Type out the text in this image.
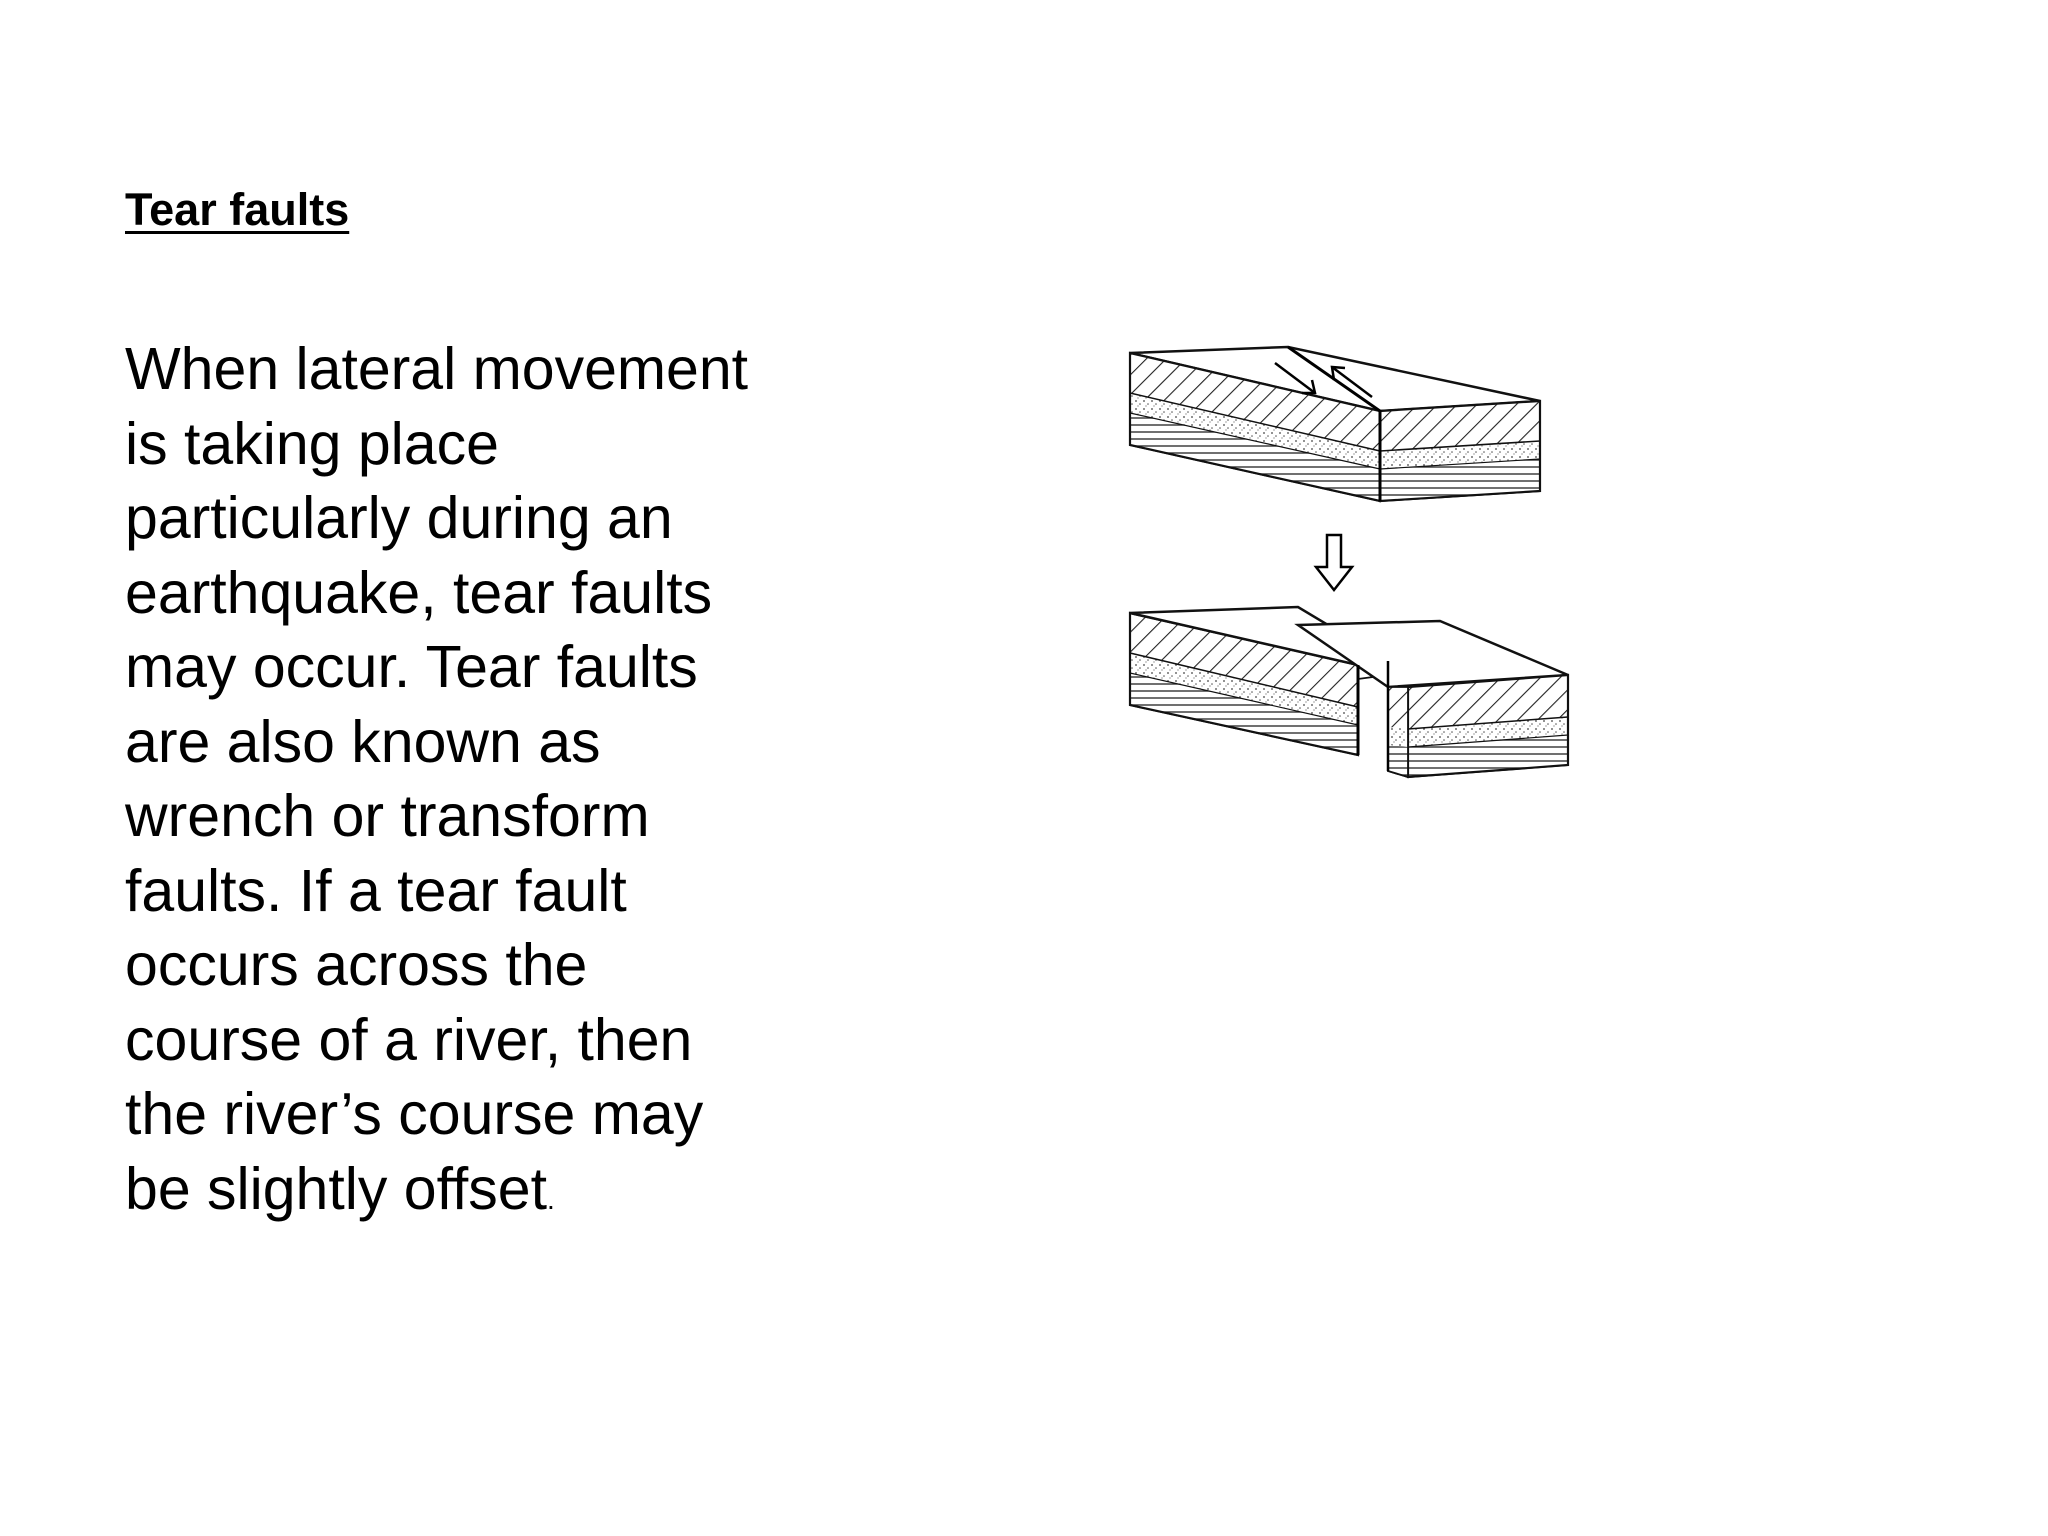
Tear faults

When lateral movement is taking place particularly during an earthquake, tear faults may occur. Tear faults are also known as wrench or transform faults. If a tear fault occurs across the course of a river, then the river’s course may be slightly offset.
